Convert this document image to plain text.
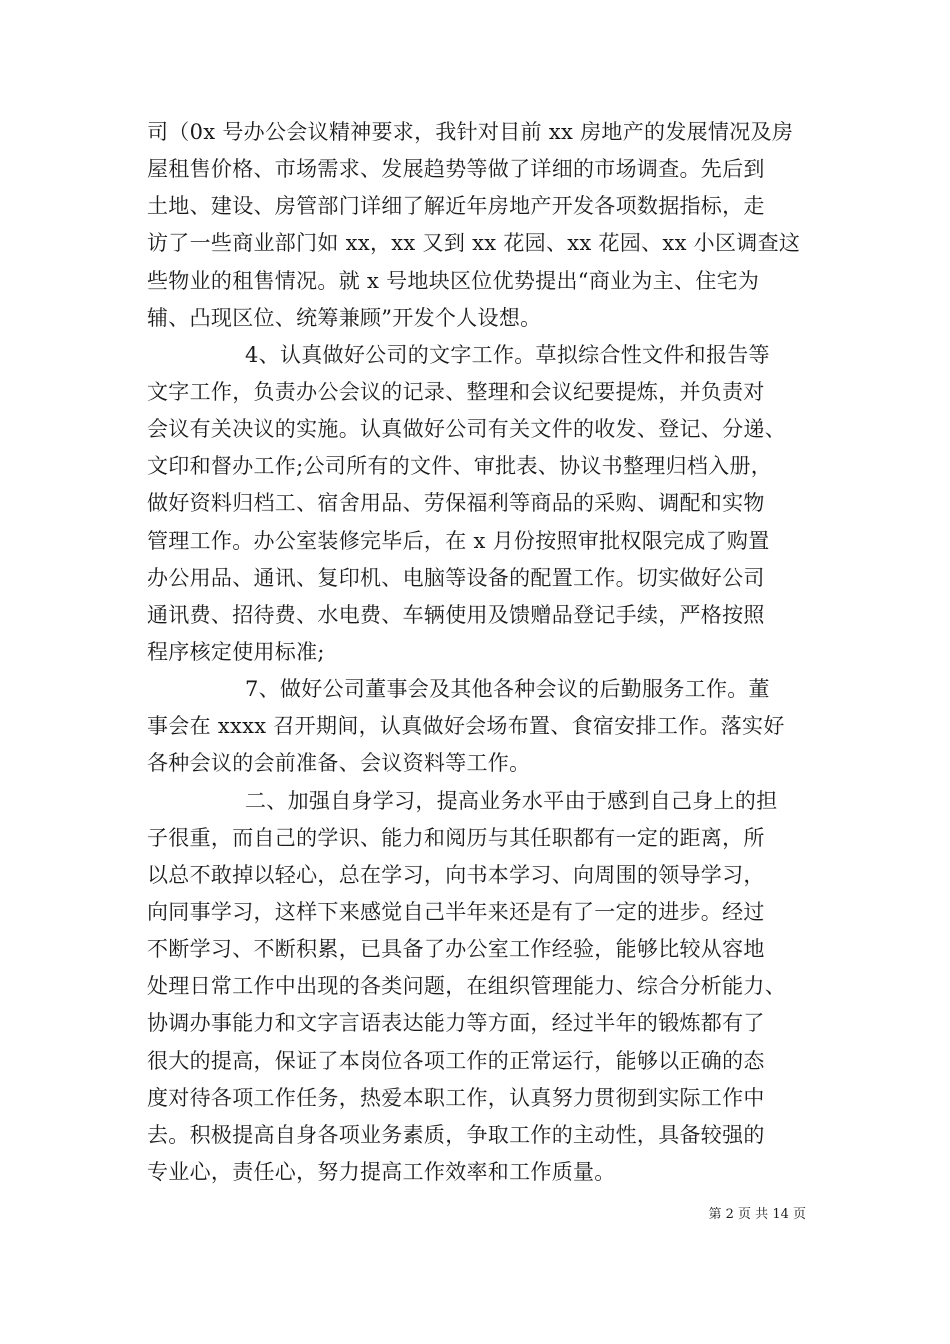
司（0x 号办公会议精神要求，我针对目前 xx 房地产的发展情况及房
屋租售价格、市场需求、发展趋势等做了详细的市场调查。先后到
土地、建设、房管部门详细了解近年房地产开发各项数据指标，走
访了一些商业部门如 xx，xx 又到 xx 花园、xx 花园、xx 小区调查这
些物业的租售情况。就 x 号地块区位优势提出“商业为主、住宅为
辅、凸现区位、统筹兼顾”开发个人设想。
4、认真做好公司的文字工作。草拟综合性文件和报告等
文字工作，负责办公会议的记录、整理和会议纪要提炼，并负责对
会议有关决议的实施。认真做好公司有关文件的收发、登记、分递、
文印和督办工作;公司所有的文件、审批表、协议书整理归档入册，
做好资料归档工、宿舍用品、劳保福利等商品的采购、调配和实物
管理工作。办公室装修完毕后，在 x 月份按照审批权限完成了购置
办公用品、通讯、复印机、电脑等设备的配置工作。切实做好公司
通讯费、招待费、水电费、车辆使用及馈赠品登记手续，严格按照
程序核定使用标准;
7、做好公司董事会及其他各种会议的后勤服务工作。董
事会在 xxxx 召开期间，认真做好会场布置、食宿安排工作。落实好
各种会议的会前准备、会议资料等工作。
二、加强自身学习，提高业务水平由于感到自己身上的担
子很重，而自己的学识、能力和阅历与其任职都有一定的距离，所
以总不敢掉以轻心，总在学习，向书本学习、向周围的领导学习，
向同事学习，这样下来感觉自己半年来还是有了一定的进步。经过
不断学习、不断积累，已具备了办公室工作经验，能够比较从容地
处理日常工作中出现的各类问题，在组织管理能力、综合分析能力、
协调办事能力和文字言语表达能力等方面，经过半年的锻炼都有了
很大的提高，保证了本岗位各项工作的正常运行，能够以正确的态
度对待各项工作任务，热爱本职工作，认真努力贯彻到实际工作中
去。积极提高自身各项业务素质，争取工作的主动性，具备较强的
专业心，责任心，努力提高工作效率和工作质量。
第 2 页 共 14 页
